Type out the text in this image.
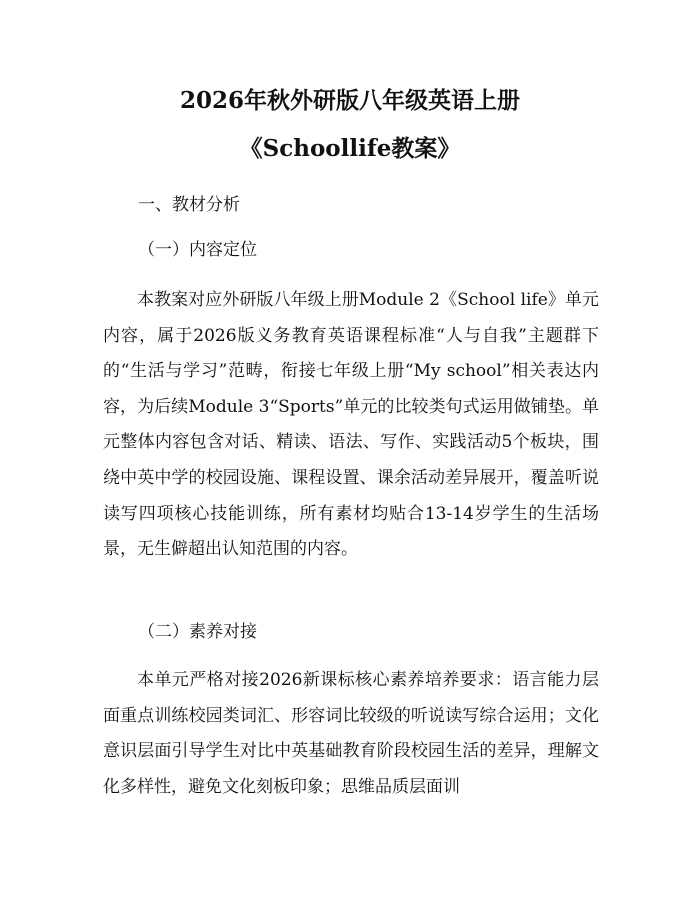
2026年秋外研版八年级英语上册
《Schoollife教案》
一、教材分析
（一）内容定位

本教案对应外研版八年级上册Module 2《School life》单元内容，属于2026版义务教育英语课程标准“人与自我”主题群下的“生活与学习”范畴，衔接七年级上册“My school”相关表达内容，为后续Module 3“Sports”单元的比较类句式运用做铺垫。单元整体内容包含对话、精读、语法、写作、实践活动5个板块，围绕中英中学的校园设施、课程设置、课余活动差异展开，覆盖听说读写四项核心技能训练，所有素材均贴合13-14岁学生的生活场景，无生僻超出认知范围的内容。

（二）素养对接

本单元严格对接2026新课标核心素养培养要求：语言能力层面重点训练校园类词汇、形容词比较级的听说读写综合运用；文化意识层面引导学生对比中英基础教育阶段校园生活的差异，理解文化多样性，避免文化刻板印象；思维品质层面训
